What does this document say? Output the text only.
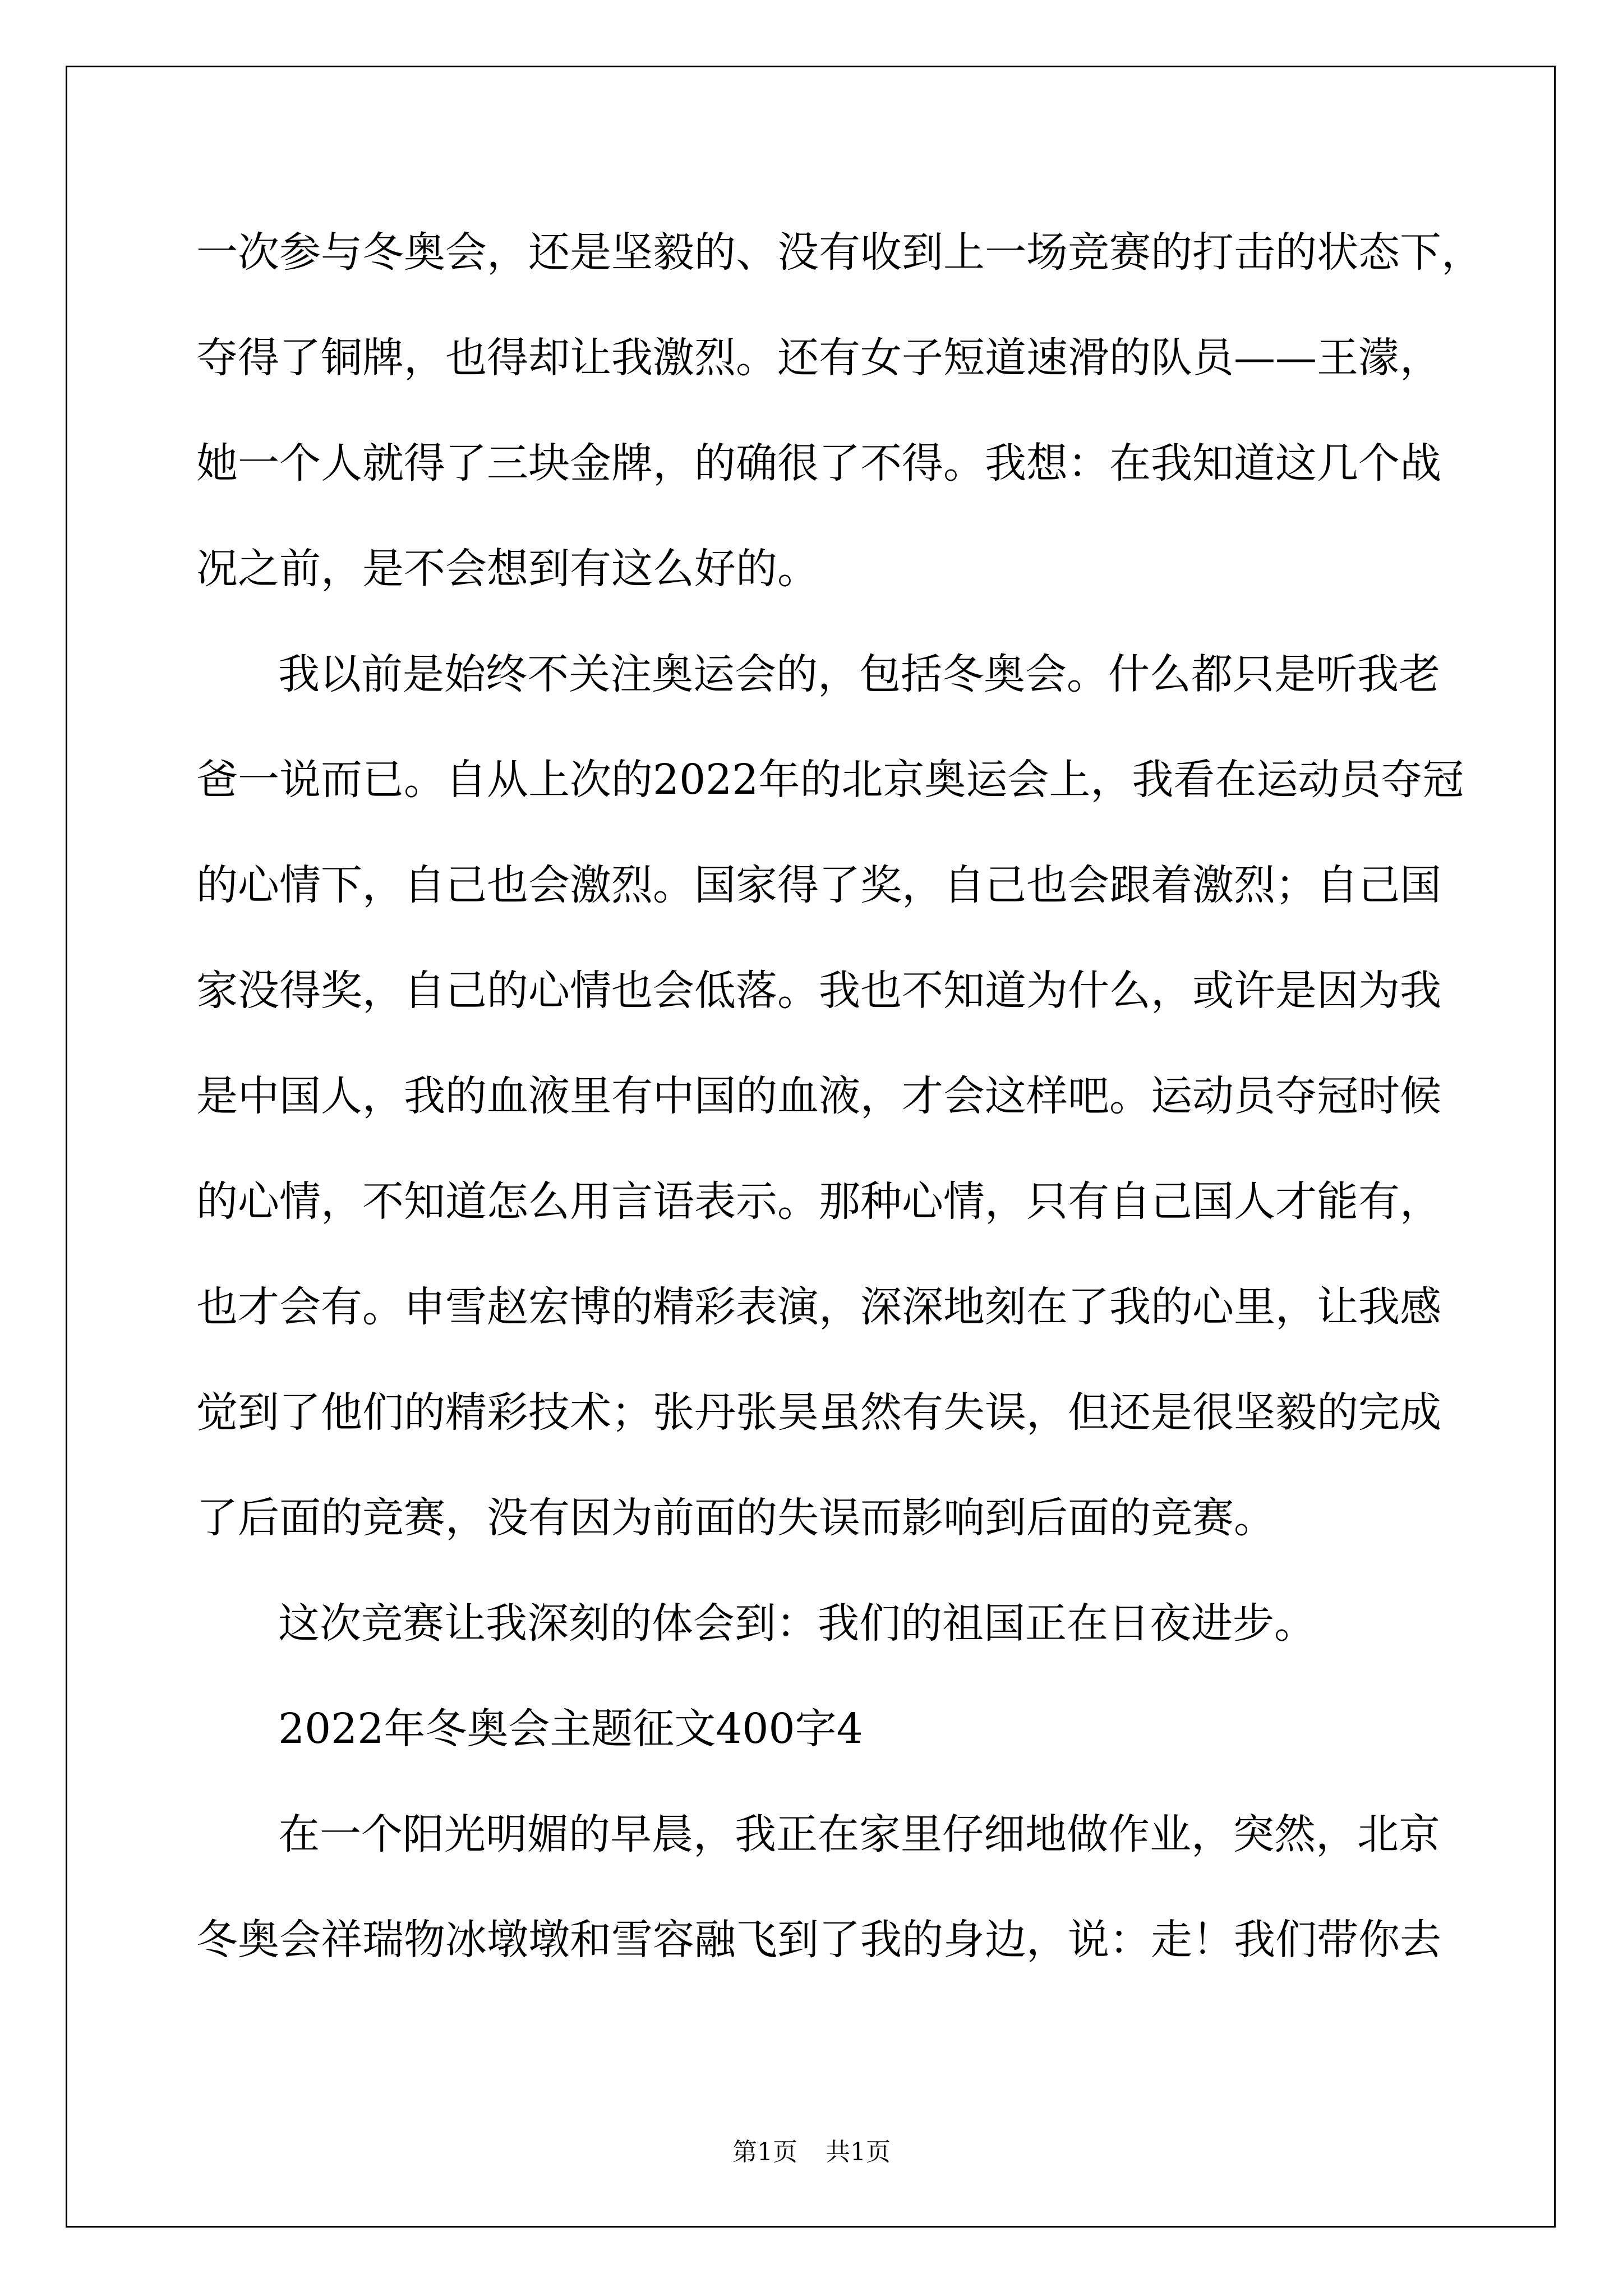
一次参与冬奥会，还是坚毅的、没有收到上一场竞赛的打击的状态下，
夺得了铜牌，也得却让我激烈。还有女子短道速滑的队员——王濛，
她一个人就得了三块金牌，的确很了不得。我想：在我知道这几个战
况之前，是不会想到有这么好的。
我以前是始终不关注奥运会的，包括冬奥会。什么都只是听我老
爸一说而已。自从上次的2022年的北京奥运会上，我看在运动员夺冠
的心情下，自己也会激烈。国家得了奖，自己也会跟着激烈；自己国
家没得奖，自己的心情也会低落。我也不知道为什么，或许是因为我
是中国人，我的血液里有中国的血液，才会这样吧。运动员夺冠时候
的心情，不知道怎么用言语表示。那种心情，只有自己国人才能有，
也才会有。申雪赵宏博的精彩表演，深深地刻在了我的心里，让我感
觉到了他们的精彩技术；张丹张昊虽然有失误，但还是很坚毅的完成
了后面的竞赛，没有因为前面的失误而影响到后面的竞赛。
这次竞赛让我深刻的体会到：我们的祖国正在日夜进步。
2022年冬奥会主题征文400字4
在一个阳光明媚的早晨，我正在家里仔细地做作业，突然，北京
冬奥会祥瑞物冰墩墩和雪容融飞到了我的身边，说：走！我们带你去
第1页 共1页
